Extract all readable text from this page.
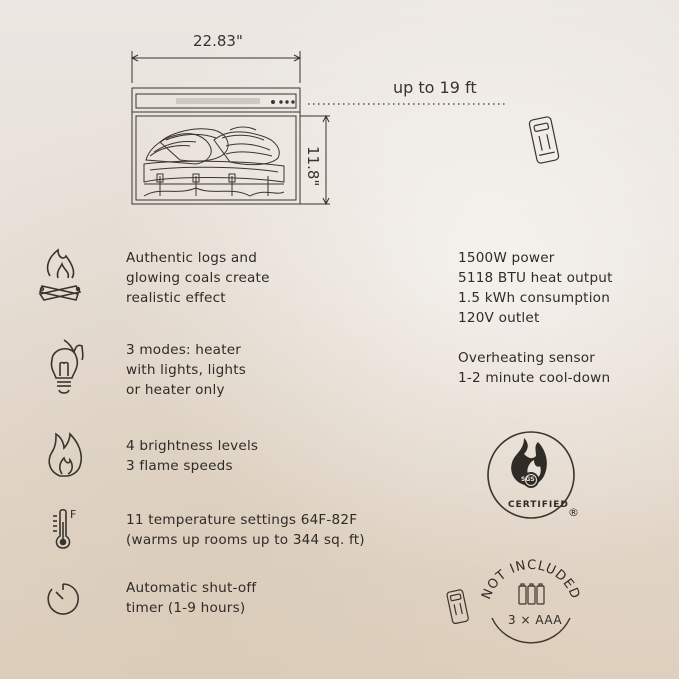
22.83"
11.8"
up to 19 ft
F
Authentic logs and
glowing coals create
realistic effect
3 modes: heater
with lights, lights
or heater only
4 brightness levels
3 flame speeds
11 temperature settings 64F-82F
(warms up rooms up to 344 sq. ft)
Automatic shut-off
timer (1-9 hours)
1500W power
5118 BTU heat output
1.5 kWh consumption
120V outlet
Overheating sensor
1-2 minute cool-down
SGS
CERTIFIED
®
NOT INCLUDED
3 × AAA
